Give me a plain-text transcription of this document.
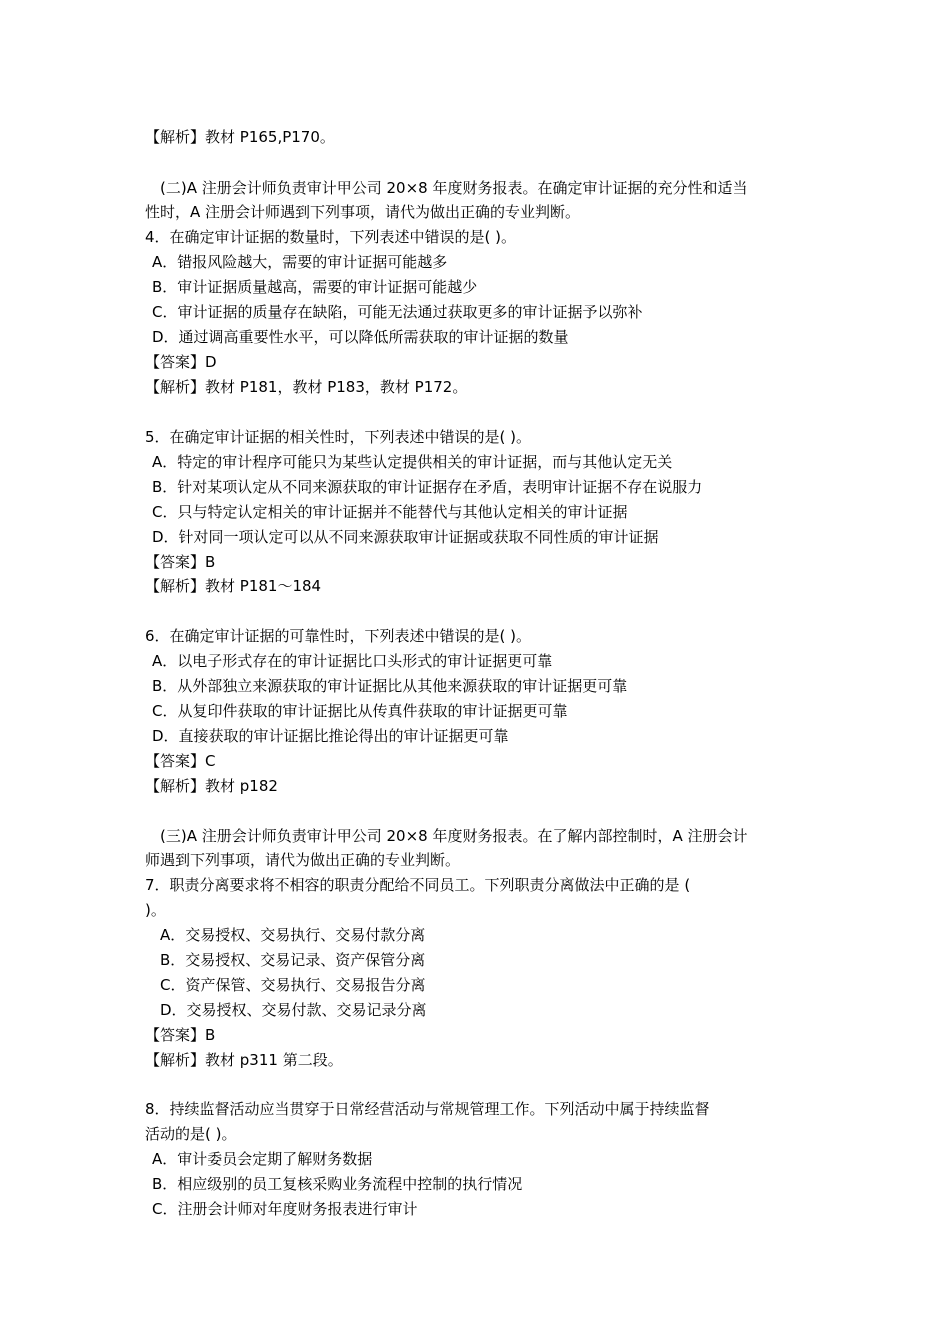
【解析】教材 P165,P170。
(二)A 注册会计师负责审计甲公司 20×8 年度财务报表。在确定审计证据的充分性和适当
性时，A 注册会计师遇到下列事项，请代为做出正确的专业判断。
4．在确定审计证据的数量时，下列表述中错误的是( )。
A．错报风险越大，需要的审计证据可能越多
B．审计证据质量越高，需要的审计证据可能越少
C．审计证据的质量存在缺陷，可能无法通过获取更多的审计证据予以弥补
D．通过调高重要性水平，可以降低所需获取的审计证据的数量
【答案】D
【解析】教材 P181，教材 P183，教材 P172。
5．在确定审计证据的相关性时，下列表述中错误的是( )。
A．特定的审计程序可能只为某些认定提供相关的审计证据，而与其他认定无关
B．针对某项认定从不同来源获取的审计证据存在矛盾，表明审计证据不存在说服力
C．只与特定认定相关的审计证据并不能替代与其他认定相关的审计证据
D．针对同一项认定可以从不同来源获取审计证据或获取不同性质的审计证据
【答案】B
【解析】教材 P181～184
6．在确定审计证据的可靠性时，下列表述中错误的是( )。
A．以电子形式存在的审计证据比口头形式的审计证据更可靠
B．从外部独立来源获取的审计证据比从其他来源获取的审计证据更可靠
C．从复印件获取的审计证据比从传真件获取的审计证据更可靠
D．直接获取的审计证据比推论得出的审计证据更可靠
【答案】C
【解析】教材 p182
(三)A 注册会计师负责审计甲公司 20×8 年度财务报表。在了解内部控制时，A 注册会计
师遇到下列事项，请代为做出正确的专业判断。
7．职责分离要求将不相容的职责分配给不同员工。下列职责分离做法中正确的是 (
)。
A．交易授权、交易执行、交易付款分离
B．交易授权、交易记录、资产保管分离
C．资产保管、交易执行、交易报告分离
D．交易授权、交易付款、交易记录分离
【答案】B
【解析】教材 p311 第二段。
8．持续监督活动应当贯穿于日常经营活动与常规管理工作。下列活动中属于持续监督
活动的是( )。
A．审计委员会定期了解财务数据
B．相应级别的员工复核采购业务流程中控制的执行情况
C．注册会计师对年度财务报表进行审计
